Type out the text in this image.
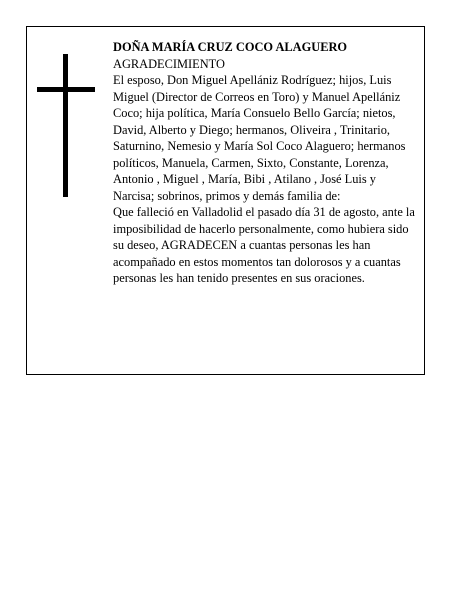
DOÑA MARÍA CRUZ COCO ALAGUERO

AGRADECIMIENTO

El esposo, Don Miguel Apellániz Rodríguez; hijos, Luis Miguel (Director de Correos en Toro) y Manuel Apellániz Coco; hija política, María Consuelo Bello García; nietos, David, Alberto y Diego; hermanos, Oliveira , Trinitario, Saturnino, Nemesio y María Sol Coco Alaguero; hermanos políticos, Manuela, Carmen, Sixto, Constante, Lorenza, Antonio , Miguel , María, Bibi , Atilano , José Luis y Narcisa; sobrinos, primos y demás familia de:

Que falleció en Valladolid el pasado día 31 de agosto, ante la imposibilidad de hacerlo personalmente, como hubiera sido su deseo, AGRADECEN a cuantas personas les han acompañado en estos momentos tan dolorosos y a cuantas personas les han tenido presentes en sus oraciones.
